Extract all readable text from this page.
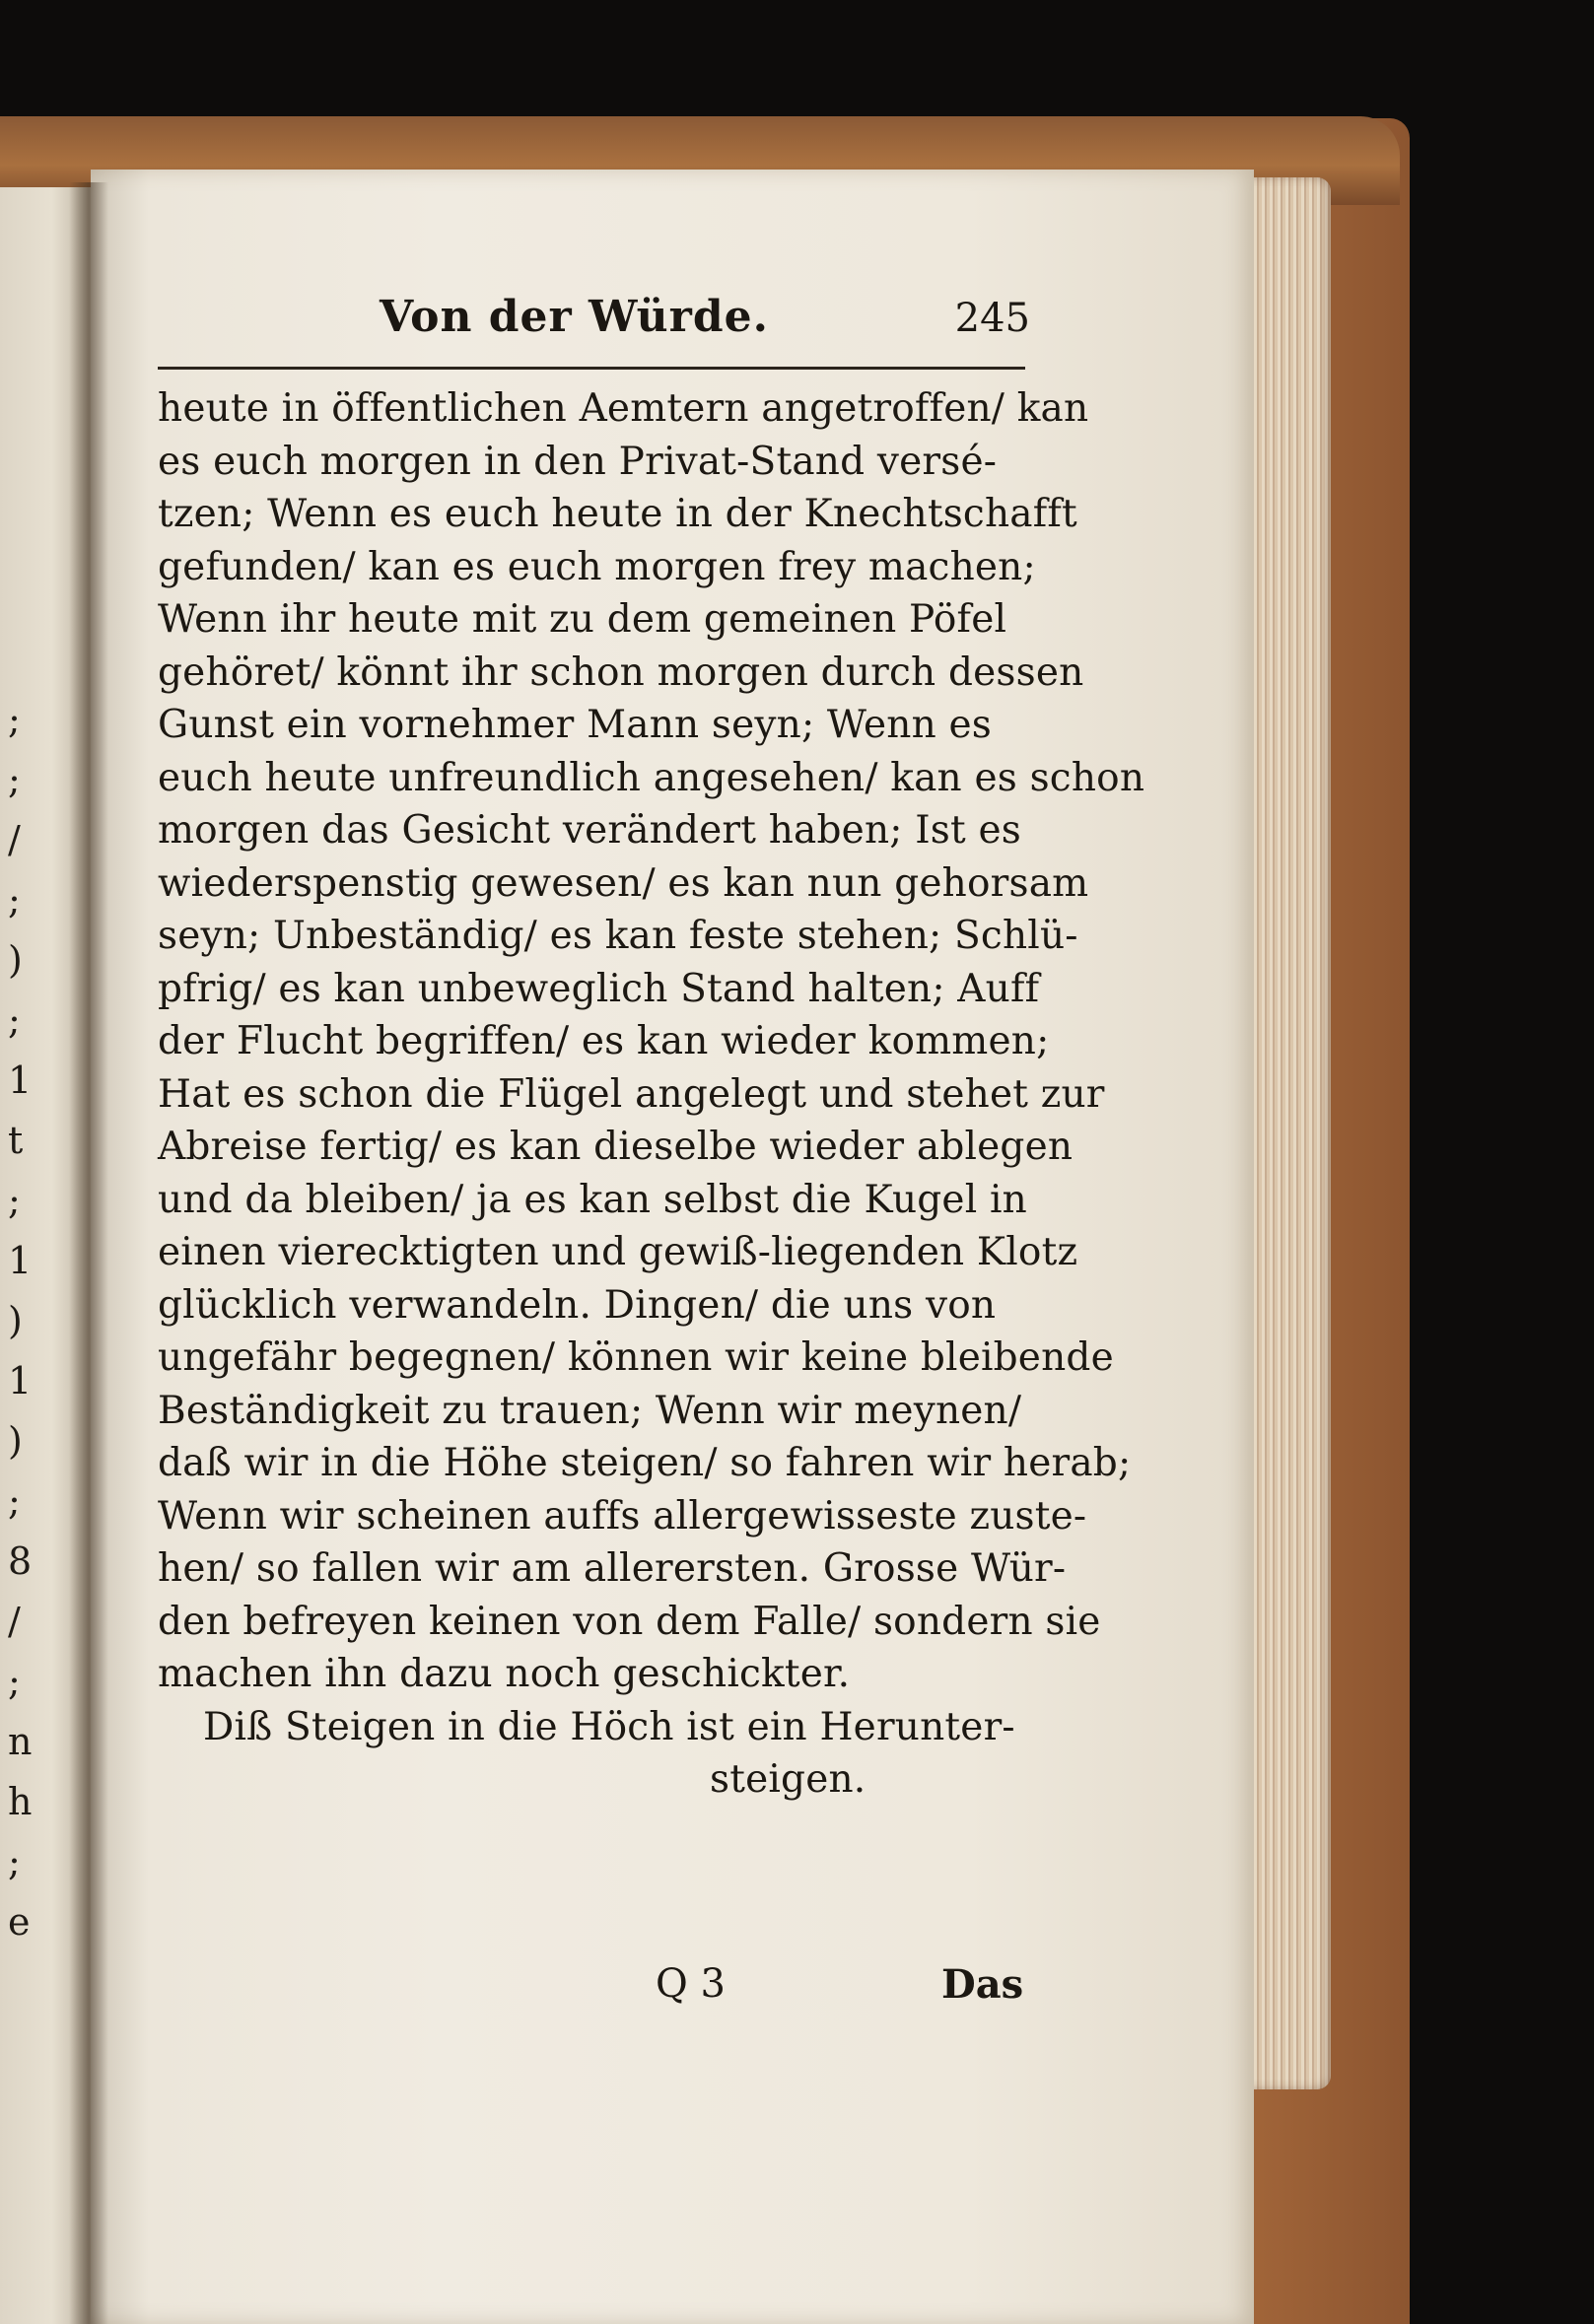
;
;
/
;
)
;
1
t
;
1
)
1
)
;
8
/
;
n
h
;
e

Von der Würde.	245
heute in öffentlichen Aemtern angetroffen/ kan
es euch morgen in den Privat-Stand versé-
tzen; Wenn es euch heute in der Knechtschafft
gefunden/ kan es euch morgen frey machen;
Wenn ihr heute mit zu dem gemeinen Pöfel
gehöret/ könnt ihr schon morgen durch dessen
Gunst ein vornehmer Mann seyn; Wenn es
euch heute unfreundlich angesehen/ kan es schon
morgen das Gesicht verändert haben; Ist es
wiederspenstig gewesen/ es kan nun gehorsam
seyn; Unbeständig/ es kan feste stehen; Schlü-
pfrig/ es kan unbeweglich Stand halten; Auff
der Flucht begriffen/ es kan wieder kommen;
Hat es schon die Flügel angelegt und stehet zur
Abreise fertig/ es kan dieselbe wieder ablegen
und da bleiben/ ja es kan selbst die Kugel in
einen vierecktigten und gewiß-liegenden Klotz
glücklich verwandeln. Dingen/ die uns von
ungefähr begegnen/ können wir keine bleibende
Beständigkeit zu trauen; Wenn wir meynen/
daß wir in die Höhe steigen/ so fahren wir herab;
Wenn wir scheinen auffs allergewisseste zuste-
hen/ so fallen wir am allerersten. Grosse Wür-
den befreyen keinen von dem Falle/ sondern sie
machen ihn dazu noch geschickter.
Diß Steigen in die Höch ist ein Herunter-
steigen.
Q 3	Das
